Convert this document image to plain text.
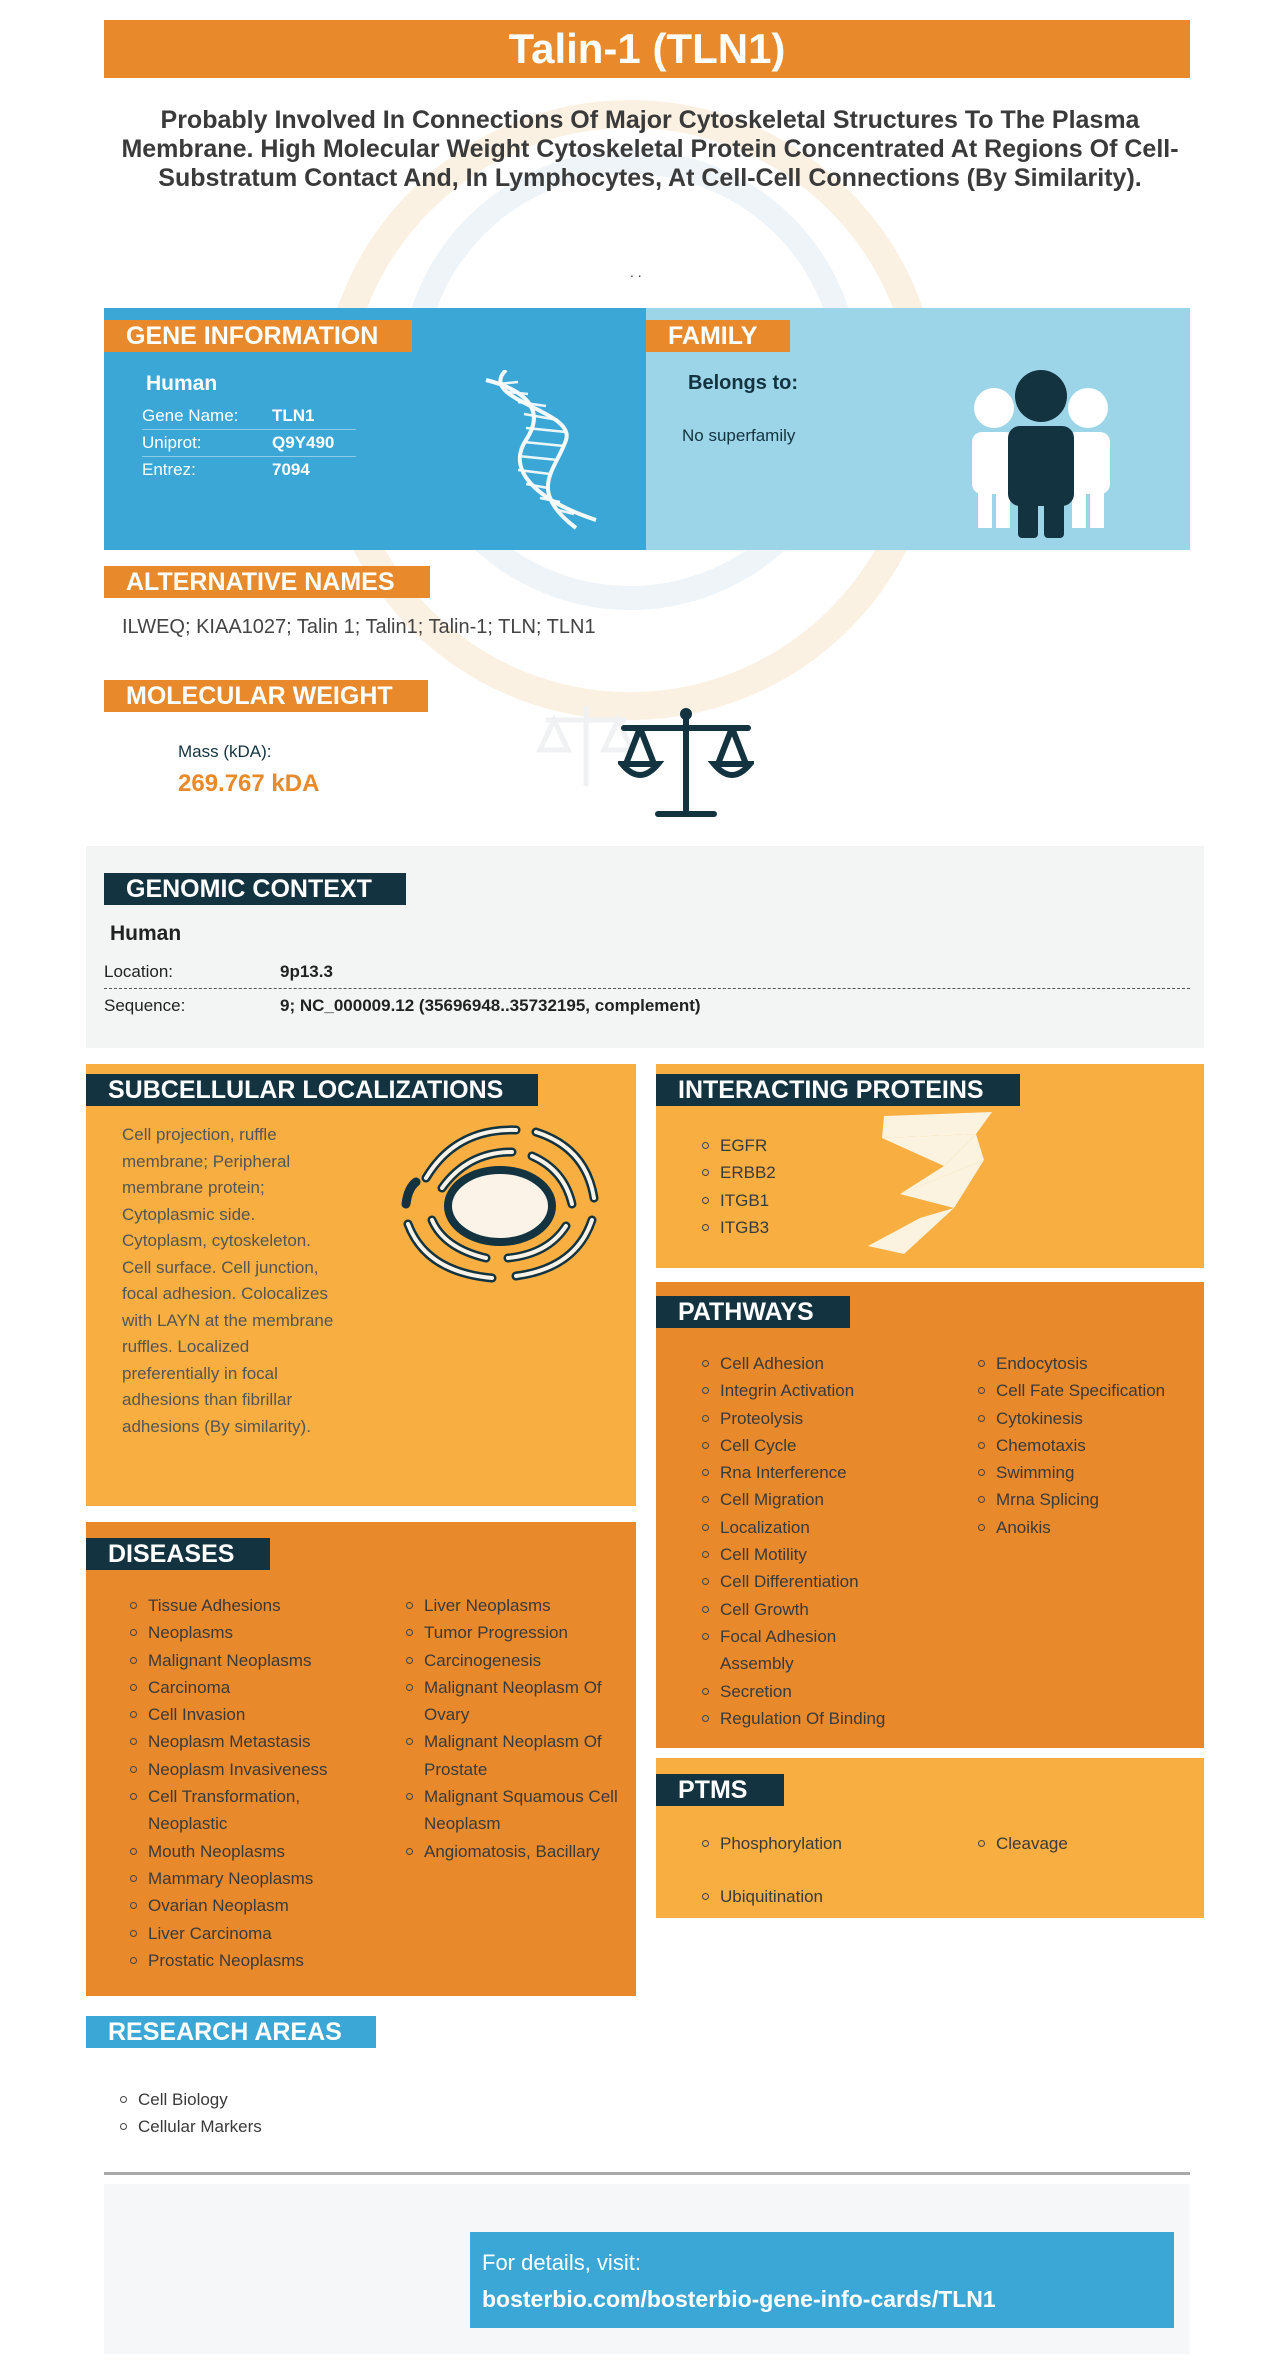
Talin-1 (TLN1)
Probably Involved In Connections Of Major Cytoskeletal Structures To The Plasma Membrane. High Molecular Weight Cytoskeletal Protein Concentrated At Regions Of Cell-Substratum Contact And, In Lymphocytes, At Cell-Cell Connections (By Similarity).
. .
GENE INFORMATION
Human
Gene Name: TLN1
Uniprot:	Q9Y490
Entrez:	7094
FAMILY
Belongs to:
No superfamily
ALTERNATIVE NAMES
ILWEQ; KIAA1027; Talin 1; Talin1; Talin-1; TLN; TLN1
MOLECULAR WEIGHT
Mass (kDA):
269.767 kDA
GENOMIC CONTEXT
Human
Location:	9p13.3
Sequence:	9; NC_000009.12 (35696948..35732195, complement)
SUBCELLULAR LOCALIZATIONS
Cell projection, ruffle membrane; Peripheral membrane protein; Cytoplasmic side. Cytoplasm, cytoskeleton. Cell surface. Cell junction, focal adhesion. Colocalizes with LAYN at the membrane ruffles. Localized preferentially in focal adhesions than fibrillar adhesions (By similarity).
INTERACTING PROTEINS
EGFR
ERBB2
ITGB1
ITGB3
PATHWAYS
Cell Adhesion
Integrin Activation
Proteolysis
Cell Cycle
Rna Interference
Cell Migration
Localization
Cell Motility
Cell Differentiation
Cell Growth
Focal Adhesion Assembly
Secretion
Regulation Of Binding
Endocytosis
Cell Fate Specification
Cytokinesis
Chemotaxis
Swimming
Mrna Splicing
Anoikis
DISEASES
Tissue Adhesions
Neoplasms
Malignant Neoplasms
Carcinoma
Cell Invasion
Neoplasm Metastasis
Neoplasm Invasiveness
Cell Transformation, Neoplastic
Mouth Neoplasms
Mammary Neoplasms
Ovarian Neoplasm
Liver Carcinoma
Prostatic Neoplasms
Liver Neoplasms
Tumor Progression
Carcinogenesis
Malignant Neoplasm Of Ovary
Malignant Neoplasm Of Prostate
Malignant Squamous Cell Neoplasm
Angiomatosis, Bacillary
PTMS
Phosphorylation
Ubiquitination
Cleavage
RESEARCH AREAS
Cell Biology
Cellular Markers
For details, visit:
bosterbio.com/bosterbio-gene-info-cards/TLN1
